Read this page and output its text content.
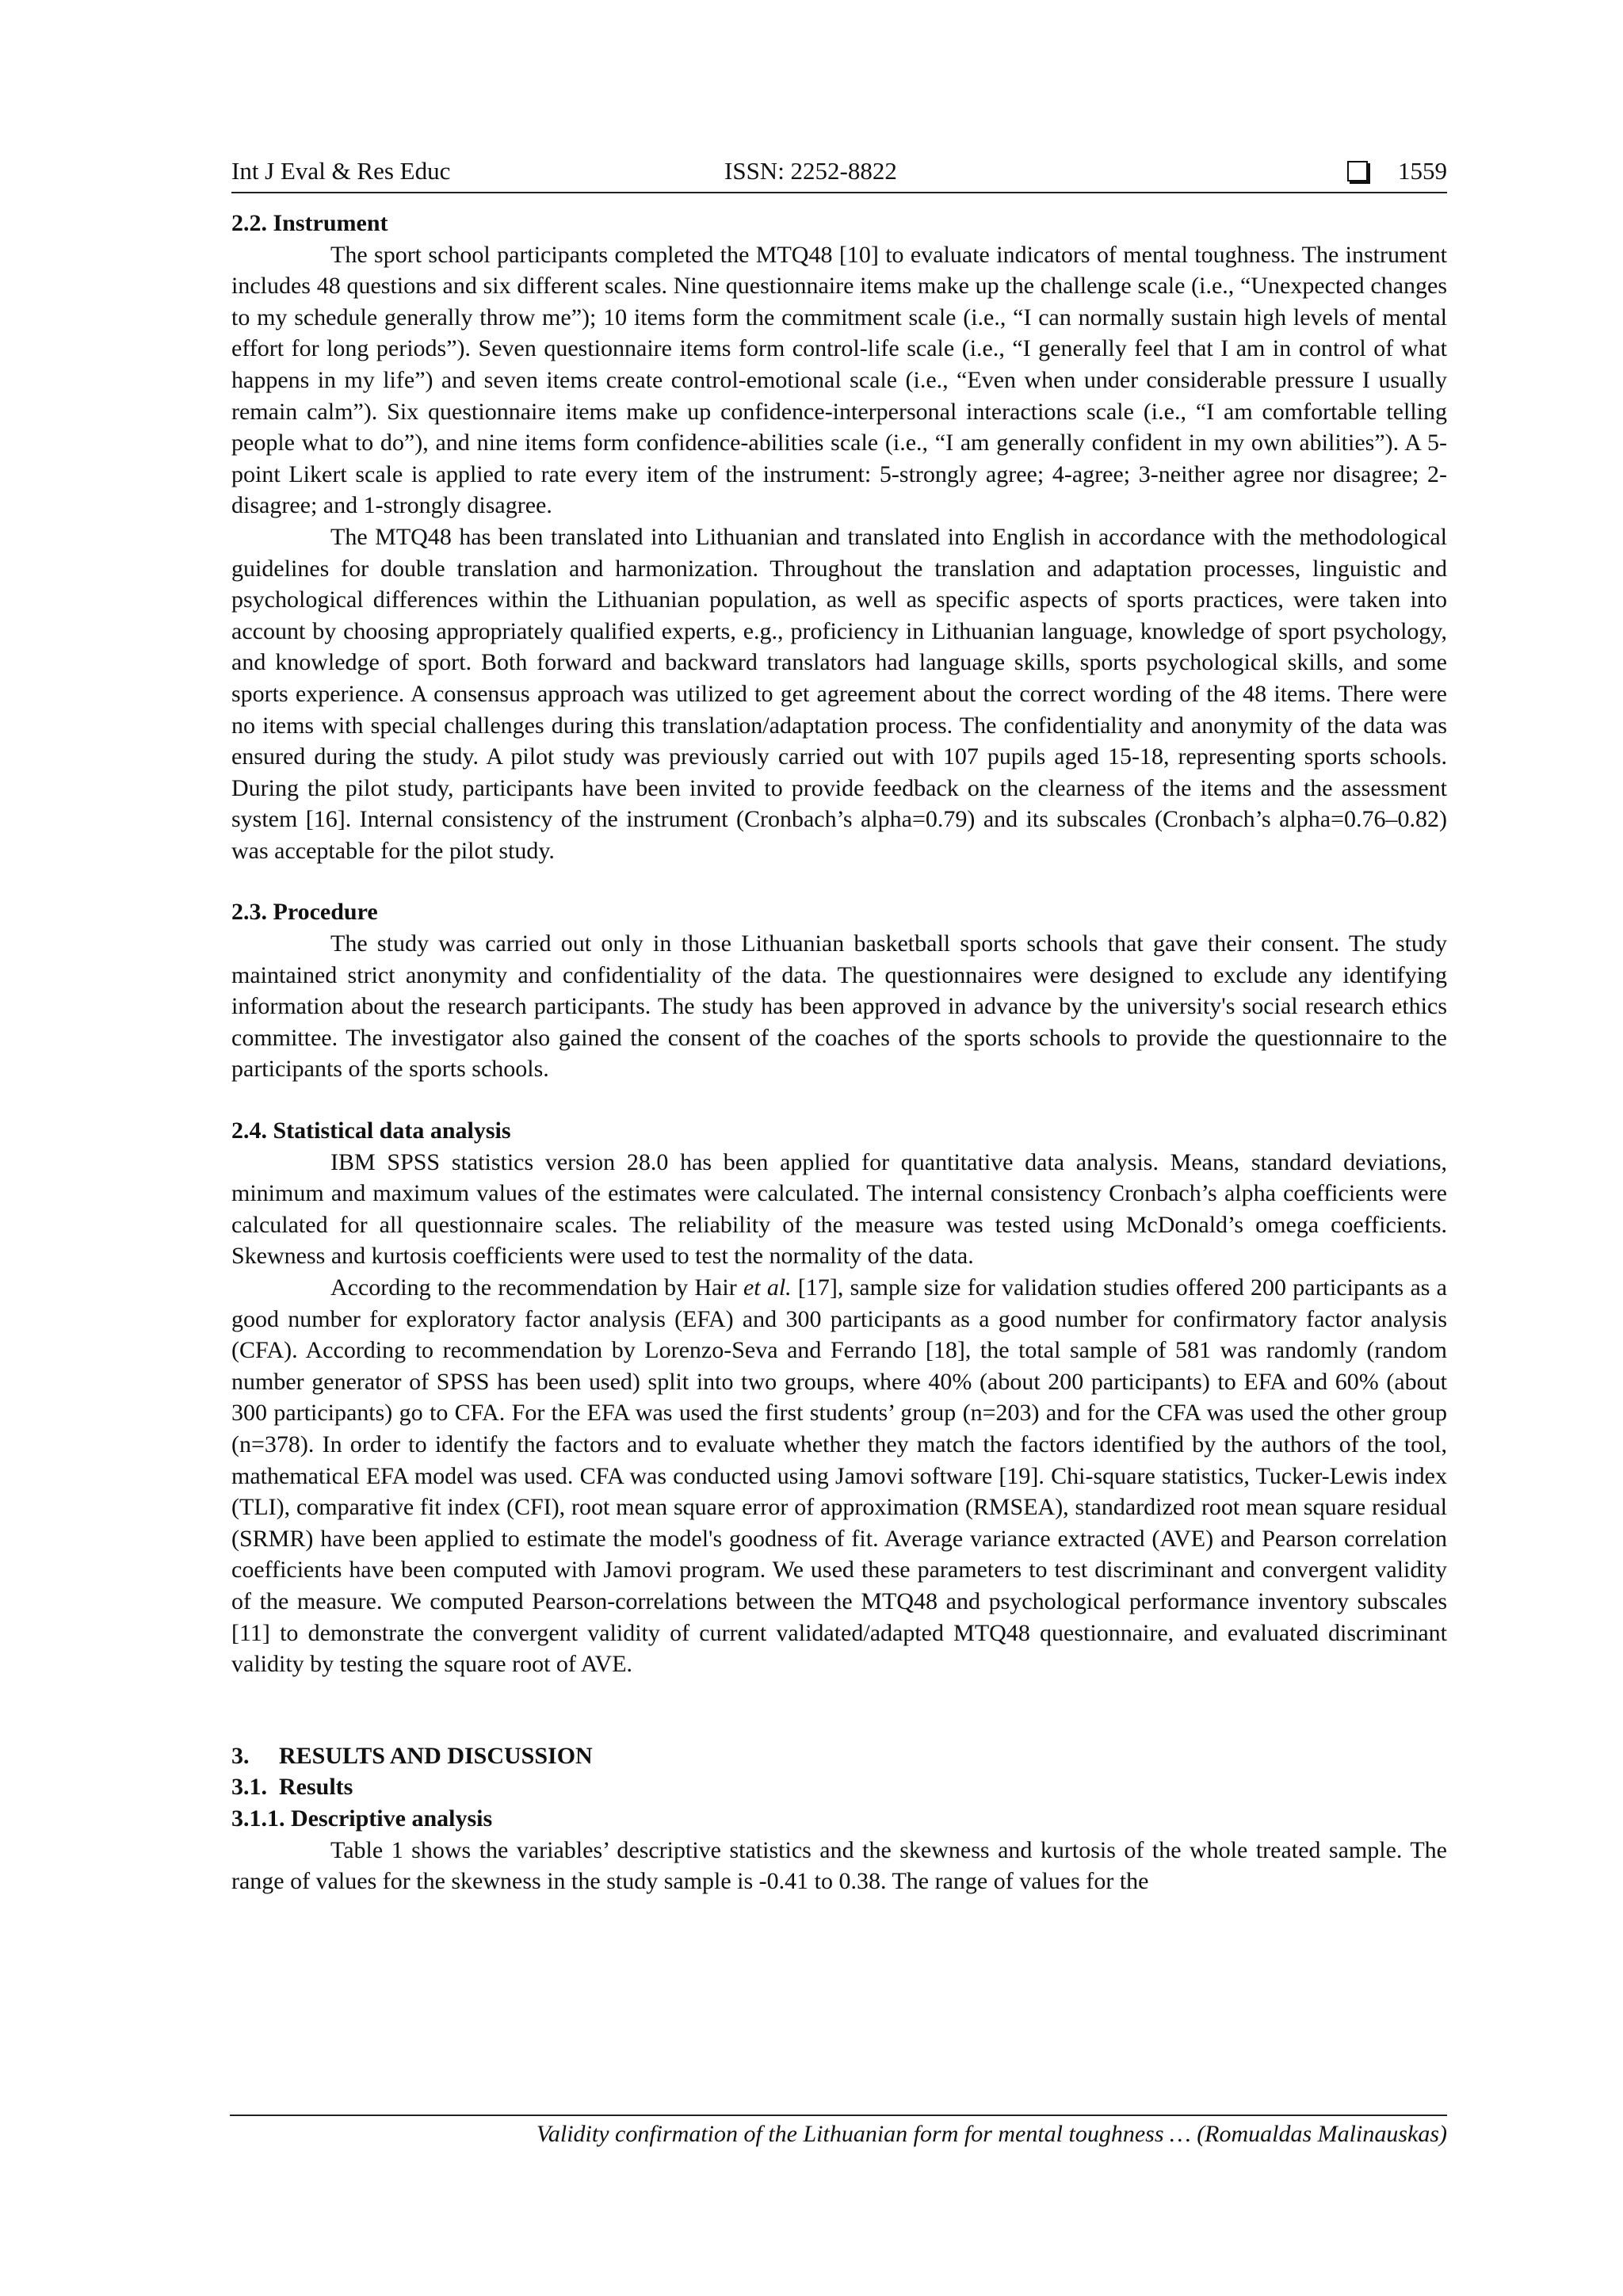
Int J Eval & Res Educ	ISSN: 2252-8822	1559
2.2. Instrument

The sport school participants completed the MTQ48 [10] to evaluate indicators of mental toughness. The instrument includes 48 questions and six different scales. Nine questionnaire items make up the challenge scale (i.e., “Unexpected changes to my schedule generally throw me”); 10 items form the commitment scale (i.e., “I can normally sustain high levels of mental effort for long periods”). Seven questionnaire items form control-life scale (i.e., “I generally feel that I am in control of what happens in my life”) and seven items create control-emotional scale (i.e., “Even when under considerable pressure I usually remain calm”). Six questionnaire items make up confidence-interpersonal interactions scale (i.e., “I am comfortable telling people what to do”), and nine items form confidence-abilities scale (i.e., “I am generally confident in my own abilities”). A 5-point Likert scale is applied to rate every item of the instrument: 5-strongly agree; 4-agree; 3-neither agree nor disagree; 2-disagree; and 1-strongly disagree.

The MTQ48 has been translated into Lithuanian and translated into English in accordance with the methodological guidelines for double translation and harmonization. Throughout the translation and adaptation processes, linguistic and psychological differences within the Lithuanian population, as well as specific aspects of sports practices, were taken into account by choosing appropriately qualified experts, e.g., proficiency in Lithuanian language, knowledge of sport psychology, and knowledge of sport. Both forward and backward translators had language skills, sports psychological skills, and some sports experience. A consensus approach was utilized to get agreement about the correct wording of the 48 items. There were no items with special challenges during this translation/adaptation process. The confidentiality and anonymity of the data was ensured during the study. A pilot study was previously carried out with 107 pupils aged 15-18, representing sports schools. During the pilot study, participants have been invited to provide feedback on the clearness of the items and the assessment system [16]. Internal consistency of the instrument (Cronbach’s alpha=0.79) and its subscales (Cronbach’s alpha=0.76–0.82) was acceptable for the pilot study.

2.3. Procedure

The study was carried out only in those Lithuanian basketball sports schools that gave their consent. The study maintained strict anonymity and confidentiality of the data. The questionnaires were designed to exclude any identifying information about the research participants. The study has been approved in advance by the university's social research ethics committee. The investigator also gained the consent of the coaches of the sports schools to provide the questionnaire to the participants of the sports schools.

2.4. Statistical data analysis

IBM SPSS statistics version 28.0 has been applied for quantitative data analysis. Means, standard deviations, minimum and maximum values of the estimates were calculated. The internal consistency Cronbach’s alpha coefficients were calculated for all questionnaire scales. The reliability of the measure was tested using McDonald’s omega coefficients. Skewness and kurtosis coefficients were used to test the normality of the data.

According to the recommendation by Hair et al. [17], sample size for validation studies offered 200 participants as a good number for exploratory factor analysis (EFA) and 300 participants as a good number for confirmatory factor analysis (CFA). According to recommendation by Lorenzo-Seva and Ferrando [18], the total sample of 581 was randomly (random number generator of SPSS has been used) split into two groups, where 40% (about 200 participants) to EFA and 60% (about 300 participants) go to CFA. For the EFA was used the first students’ group (n=203) and for the CFA was used the other group (n=378). In order to identify the factors and to evaluate whether they match the factors identified by the authors of the tool, mathematical EFA model was used. CFA was conducted using Jamovi software [19]. Chi-square statistics, Tucker-Lewis index (TLI), comparative fit index (CFI), root mean square error of approximation (RMSEA), standardized root mean square residual (SRMR) have been applied to estimate the model's goodness of fit. Average variance extracted (AVE) and Pearson correlation coefficients have been computed with Jamovi program. We used these parameters to test discriminant and convergent validity of the measure. We computed Pearson-correlations between the MTQ48 and psychological performance inventory subscales [11] to demonstrate the convergent validity of current validated/adapted MTQ48 questionnaire, and evaluated discriminant validity by testing the square root of AVE.

3.     RESULTS AND DISCUSSION
3.1.  Results
3.1.1. Descriptive analysis

Table 1 shows the variables’ descriptive statistics and the skewness and kurtosis of the whole treated sample. The range of values for the skewness in the study sample is -0.41 to 0.38. The range of values for the

Validity confirmation of the Lithuanian form for mental toughness … (Romualdas Malinauskas)
